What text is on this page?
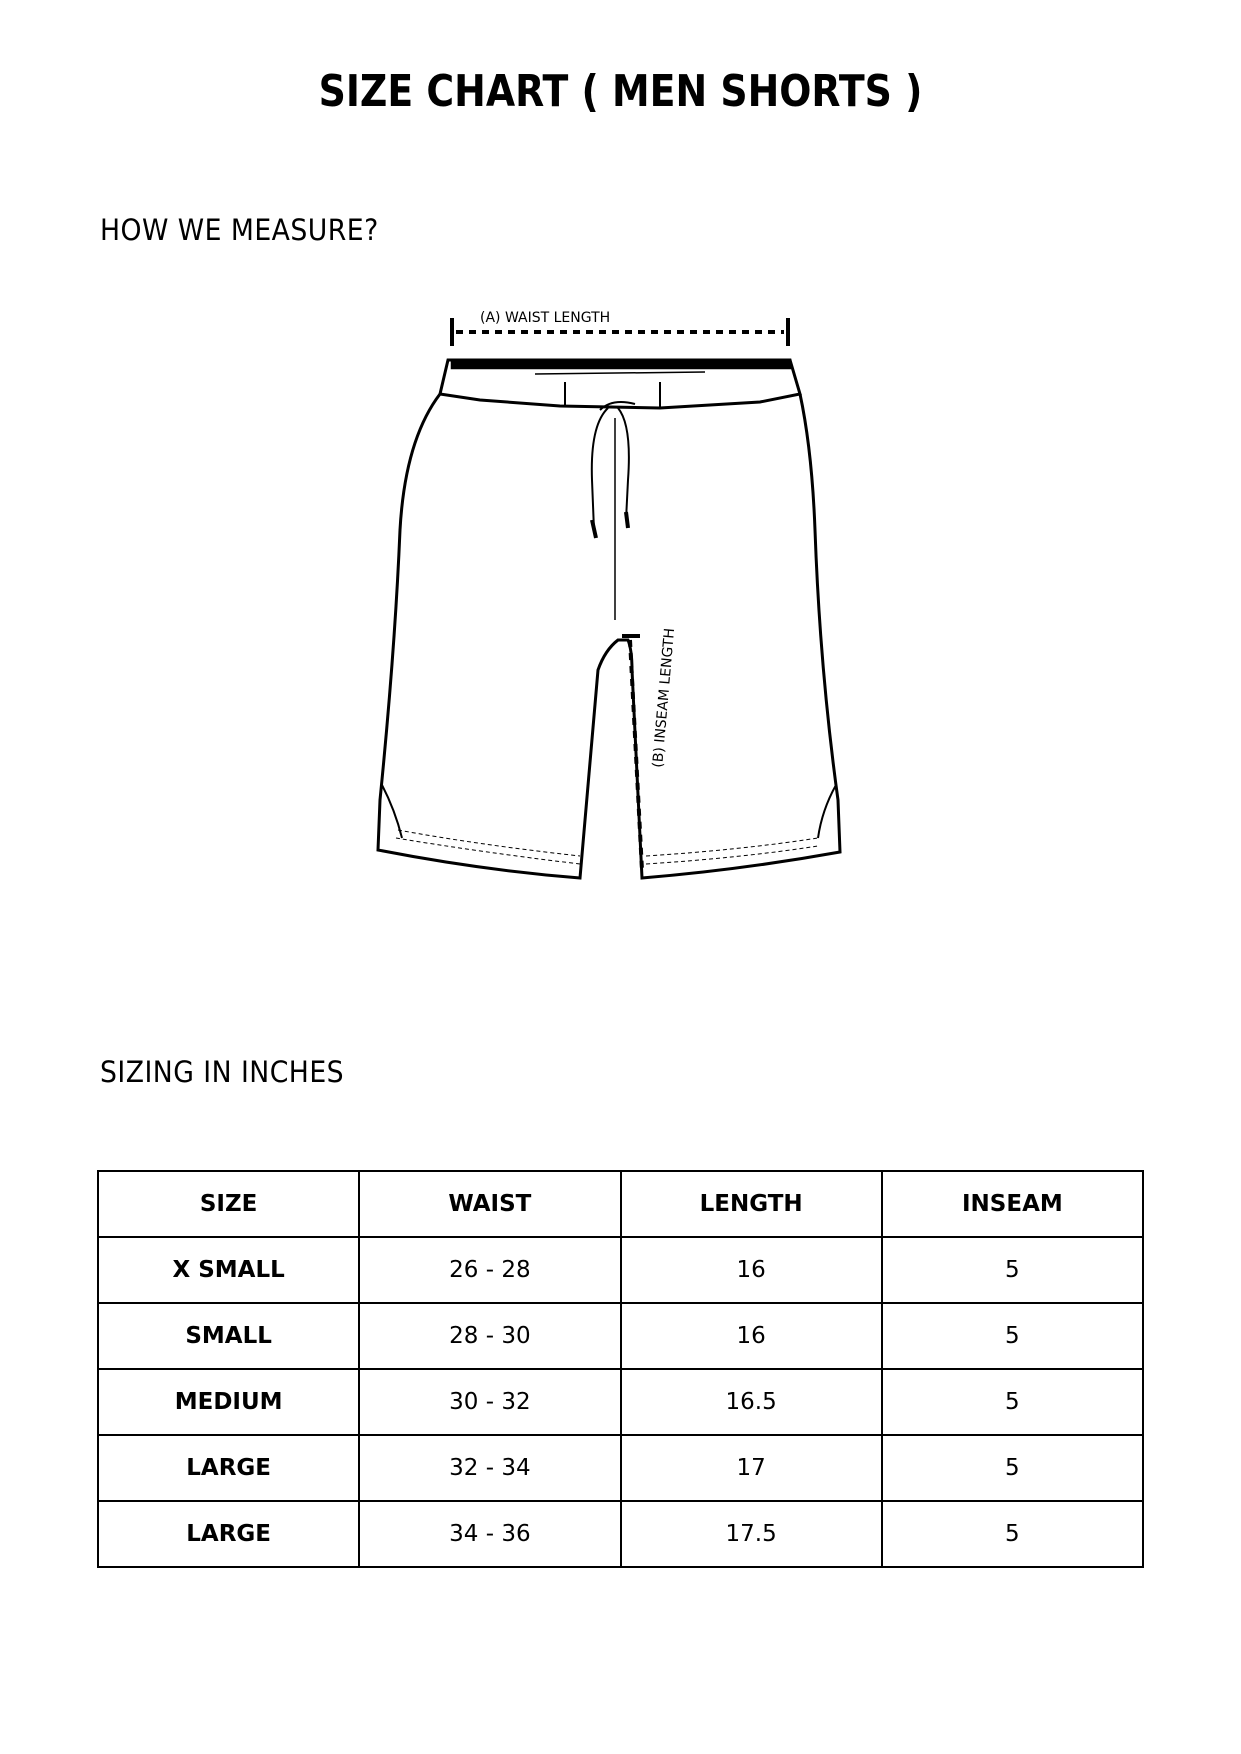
SIZE CHART ( MEN SHORTS )
HOW WE MEASURE?
(A) WAIST LENGTH
(B) INSEAM LENGTH
SIZING IN INCHES
SIZE	WAIST	LENGTH	INSEAM
X SMALL	26 - 28	16	5
SMALL	28 - 30	16	5
MEDIUM	30 - 32	16.5	5
LARGE	32 - 34	17	5
LARGE	34 - 36	17.5	5
